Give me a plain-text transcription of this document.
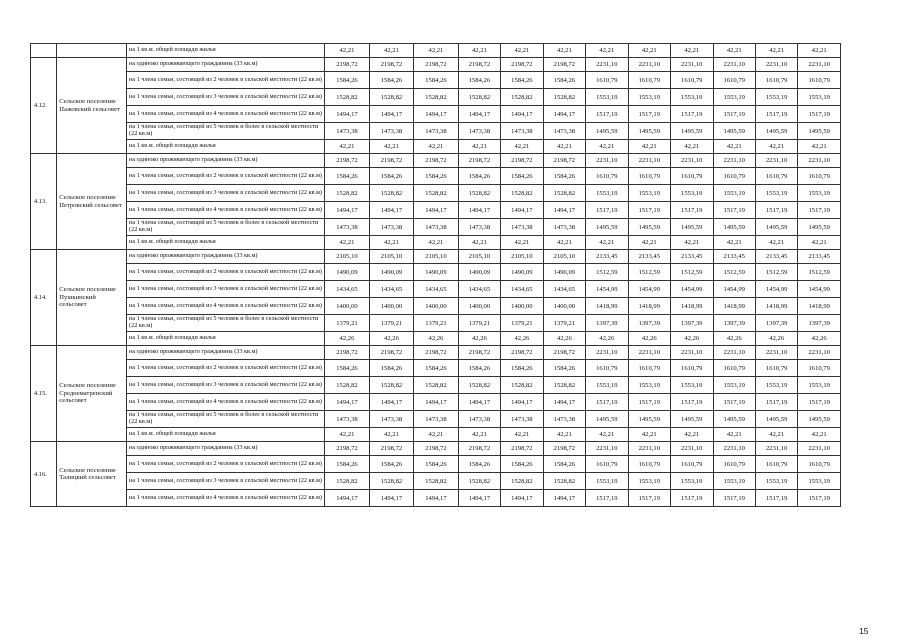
		на 1 кв.м. общей площади жилья	42,21	42,21	42,21	42,21	42,21	42,21	42,21	42,21	42,21	42,21	42,21	42,21
4.12.	Сельское поселение Пажовский сельсовет	на одиноко проживающего гражданина (33 кв.м)	2198,72	2198,72	2198,72	2198,72	2198,72	2198,72	2231,10	2231,10	2231,10	2231,10	2231,10	2231,10
		на 1 члена семьи, состоящей из 2 человек в сельской местности (22 кв.м)	1584,26	1584,26	1584,26	1584,26	1584,26	1584,26	1610,79	1610,79	1610,79	1610,79	1610,79	1610,79
		на 1 члена семьи, состоящей из 3 человек в сельской местности (22 кв.м)	1528,82	1528,82	1528,82	1528,82	1528,82	1528,82	1553,19	1553,19	1553,19	1553,19	1553,19	1553,19
		на 1 члена семьи, состоящей из 4 человек в сельской местности (22 кв.м)	1494,17	1494,17	1494,17	1494,17	1494,17	1494,17	1517,19	1517,19	1517,19	1517,19	1517,19	1517,19
		на 1 члена семьи, состоящей из 5 человек и более в сельской местности (22 кв.м)	1473,38	1473,38	1473,38	1473,38	1473,38	1473,38	1495,59	1495,59	1495,59	1495,59	1495,59	1495,59
		на 1 кв.м. общей площади жилья	42,21	42,21	42,21	42,21	42,21	42,21	42,21	42,21	42,21	42,21	42,21	42,21
4.13.	Сельское поселение Петровский сельсовет	на одиноко проживающего гражданина (33 кв.м)	2198,72	2198,72	2198,72	2198,72	2198,72	2198,72	2231,10	2231,10	2231,10	2231,10	2231,10	2231,10
		на 1 члена семьи, состоящей из 2 человек в сельской местности (22 кв.м)	1584,26	1584,26	1584,26	1584,26	1584,26	1584,26	1610,79	1610,79	1610,79	1610,79	1610,79	1610,79
		на 1 члена семьи, состоящей из 3 человек в сельской местности (22 кв.м)	1528,82	1528,82	1528,82	1528,82	1528,82	1528,82	1553,19	1553,19	1553,19	1553,19	1553,19	1553,19
		на 1 члена семьи, состоящей из 4 человек в сельской местности (22 кв.м)	1494,17	1494,17	1494,17	1494,17	1494,17	1494,17	1517,19	1517,19	1517,19	1517,19	1517,19	1517,19
		на 1 члена семьи, состоящей из 5 человек и более в сельской местности (22 кв.м)	1473,38	1473,38	1473,38	1473,38	1473,38	1473,38	1495,59	1495,59	1495,59	1495,59	1495,59	1495,59
		на 1 кв.м. общей площади жилья	42,21	42,21	42,21	42,21	42,21	42,21	42,21	42,21	42,21	42,21	42,21	42,21
4.14.	Сельское поселение Пушкинский сельсовет	на одиноко проживающего гражданина (33 кв.м)	2105,10	2105,10	2105,10	2105,10	2105,10	2105,10	2133,45	2133,45	2133,45	2133,45	2133,45	2133,45
		на 1 члена семьи, состоящей из 2 человек в сельской местности (22 кв.м)	1490,09	1490,09	1490,09	1490,09	1490,09	1490,09	1512,59	1512,59	1512,59	1512,59	1512,59	1512,59
		на 1 члена семьи, состоящей из 3 человек в сельской местности (22 кв.м)	1434,65	1434,65	1434,65	1434,65	1434,65	1434,65	1454,99	1454,99	1454,99	1454,99	1454,99	1454,99
		на 1 члена семьи, состоящей из 4 человек в сельской местности (22 кв.м)	1400,00	1400,00	1400,00	1400,00	1400,00	1400,00	1418,99	1418,99	1418,99	1418,99	1418,99	1418,99
		на 1 члена семьи, состоящей из 5 человек и более в сельской местности (22 кв.м)	1379,21	1379,21	1379,21	1379,21	1379,21	1379,21	1397,39	1397,39	1397,39	1397,39	1397,39	1397,39
		на 1 кв.м. общей площади жилья	42,26	42,26	42,26	42,26	42,26	42,26	42,26	42,26	42,26	42,26	42,26	42,26
4.15.	Сельское поселение Среднематренский сельсовет	на одиноко проживающего гражданина (33 кв.м)	2198,72	2198,72	2198,72	2198,72	2198,72	2198,72	2231,10	2231,10	2231,10	2231,10	2231,10	2231,10
		на 1 члена семьи, состоящей из 2 человек в сельской местности (22 кв.м)	1584,26	1584,26	1584,26	1584,26	1584,26	1584,26	1610,79	1610,79	1610,79	1610,79	1610,79	1610,79
		на 1 члена семьи, состоящей из 3 человек в сельской местности (22 кв.м)	1528,82	1528,82	1528,82	1528,82	1528,82	1528,82	1553,19	1553,19	1553,19	1553,19	1553,19	1553,19
		на 1 члена семьи, состоящей из 4 человек в сельской местности (22 кв.м)	1494,17	1494,17	1494,17	1494,17	1494,17	1494,17	1517,19	1517,19	1517,19	1517,19	1517,19	1517,19
		на 1 члена семьи, состоящей из 5 человек и более в сельской местности (22 кв.м)	1473,38	1473,38	1473,38	1473,38	1473,38	1473,38	1495,59	1495,59	1495,59	1495,59	1495,59	1495,59
		на 1 кв.м. общей площади жилья	42,21	42,21	42,21	42,21	42,21	42,21	42,21	42,21	42,21	42,21	42,21	42,21
4.16.	Сельское поселение Талицкий сельсовет	на одиноко проживающего гражданина (33 кв.м)	2198,72	2198,72	2198,72	2198,72	2198,72	2198,72	2231,10	2231,10	2231,10	2231,10	2231,10	2231,10
		на 1 члена семьи, состоящей из 2 человек в сельской местности (22 кв.м)	1584,26	1584,26	1584,26	1584,26	1584,26	1584,26	1610,79	1610,79	1610,79	1610,79	1610,79	1610,79
		на 1 члена семьи, состоящей из 3 человек в сельской местности (22 кв.м)	1528,82	1528,82	1528,82	1528,82	1528,82	1528,82	1553,19	1553,19	1553,19	1553,19	1553,19	1553,19
		на 1 члена семьи, состоящей из 4 человек в сельской местности (22 кв.м)	1494,17	1494,17	1494,17	1494,17	1494,17	1494,17	1517,19	1517,19	1517,19	1517,19	1517,19	1517,19
15
